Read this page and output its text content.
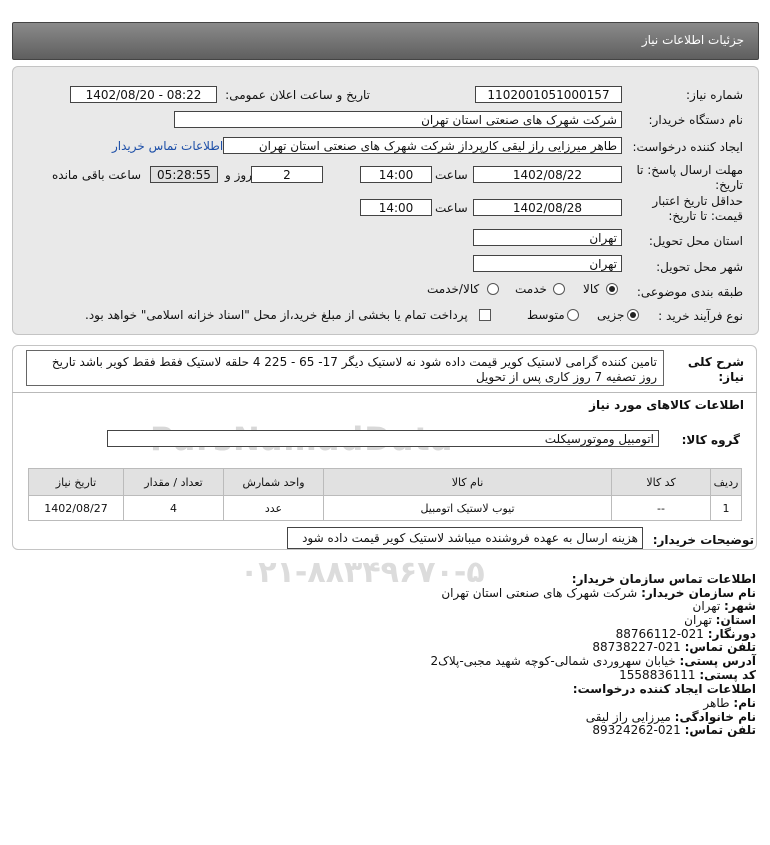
جزئیات اطلاعات نیاز
شماره نیاز:
1102001051000157
تاریخ و ساعت اعلان عمومی:
1402/08/20 - 08:22
نام دستگاه خریدار:
شرکت شهرک های صنعتی استان تهران
ایجاد کننده درخواست:
طاهر میرزایی راز لیقی کارپرداز شرکت شهرک های صنعتی استان تهران
اطلاعات تماس خریدار
مهلت ارسال پاسخ: تا
تاریخ:
1402/08/22
ساعت
14:00
2
روز و
05:28:55
ساعت باقی مانده
حداقل تاریخ اعتبار
قیمت: تا تاریخ:
1402/08/28
ساعت
14:00
استان محل تحویل:
تهران
شهر محل تحویل:
تهران
طبقه بندی موضوعی:
کالا
خدمت
کالا/خدمت
نوع فرآیند خرید :
جزیی
متوسط
پرداخت تمام یا بخشی از مبلغ خرید،از محل "اسناد خزانه اسلامی" خواهد بود.
۰۲۱-۸۸۳۴۹۶۷۰-۵
شرح کلی
نیاز:
تامین کننده گرامی لاستیک کویر قیمت داده شود نه لاستیک دیگر 17- 65 - 225 4 حلقه لاستیک فقط فقط کویر باشد تاریخ روز تصفیه 7 روز کاری پس از تحویل
اطلاعات کالاهای مورد نیاز
گروه کالا:
اتومبیل وموتورسیکلت
ردیف	کد کالا	نام کالا	واحد شمارش	تعداد / مقدار	تاریخ نیاز
1	--	تیوب لاستیک اتومبیل	عدد	4	1402/08/27
توضیحات خریدار:
هزینه ارسال به عهده فروشنده میباشد لاستیک کویر قیمت داده شود
اطلاعات تماس سازمان خریدار:
نام سازمان خریدار: شرکت شهرک های صنعتی استان تهران
شهر: تهران
استان: تهران
دورنگار: 021-88766112
تلفن تماس: 021-88738227
آدرس پستی: خیابان سهروردی شمالی-کوچه شهید مجبی-پلاک2
کد پستی: 1558836111
اطلاعات ایجاد کننده درخواست:
نام: طاهر
نام خانوادگی: میرزایی راز لیقی
تلفن تماس: 021-89324262
